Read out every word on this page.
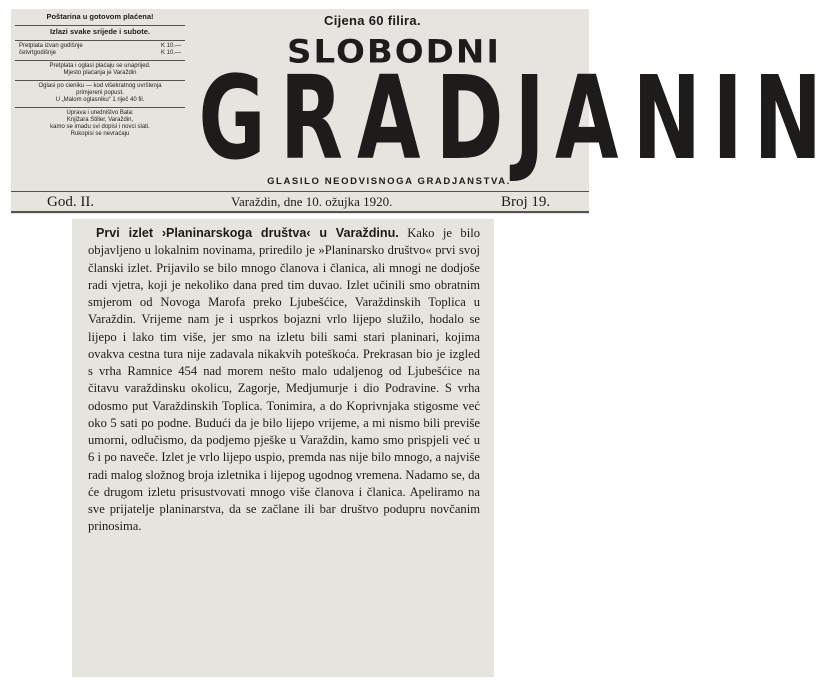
Poštarina u gotovom plaćena!
Izlazi svake srijede i subote.
Pretplata izvan godišnje	K 10.—
četvrtgodišnje	K 10.—
Pretplata i oglasi plaćaju se unaprijed.
Mjesto plaćanja je Varaždin
Oglasi po cieniku — kod višekratnog uvrštenja
primjereni popust.
U „Malom oglasniku“ 1 riječ 40 fil.
Uprava i uredništvo Bala:
Knjižara Stiller, Varaždin,
kamo se imadu svi dopisi i novci slati.
Rukopisi se nevraćaju
Cijena 60 filira.
SLOBODNI
G R A D J A N I N
GLASILO NEODVISNOGA GRADJANSTVA.
God. II.	Varaždin, dne 10. ožujka 1920.	Broj 19.

Prvi izlet ›Planinarskoga društva‹ u Varaždinu. Kako je bilo objavljeno u lokalnim novinama, priredilo je »Planinarsko društvo« prvi svoj članski izlet. Prijavilo se bilo mnogo članova i članica, ali mnogi ne dodjoše radi vjetra, koji je nekoliko dana pred tim duvao. Izlet učinili smo obratnim smjerom od Novoga Marofa preko Ljubešćice, Varaždinskih Toplica u Varaždin. Vrijeme nam je i usprkos bojazni vrlo lijepo služilo, hodalo se lijepo i lako tim više, jer smo na izletu bili sami stari planinari, kojima ovakva cestna tura nije zadavala nikakvih poteškoća. Prekrasan bio je izgled s vrha Ramnice 454 nad morem nešto malo udaljenog od Ljubešćice na čitavu varaždinsku okolicu, Zagorje, Medjumurje i dio Podravine. S vrha odosmo put Varaždinskih Toplica. Tonimira, a do Koprivnjaka stigosme već oko 5 sati po podne. Budući da je bilo lijepo vrijeme, a mi nismo bili previše umorni, odlučismo, da podjemo pješke u Varaždin, kamo smo prispjeli već u 6 i po naveče. Izlet je vrlo lijepo uspio, premda nas nije bilo mnogo, a najviše radi malog složnog broja izletnika i lijepog ugodnog vremena. Nadamo se, da će drugom izletu prisustvovati mnogo više članova i članica. Apeliramo na sve prijatelje planinarstva, da se začlane ili bar društvo podupru novčanim prinosima.
